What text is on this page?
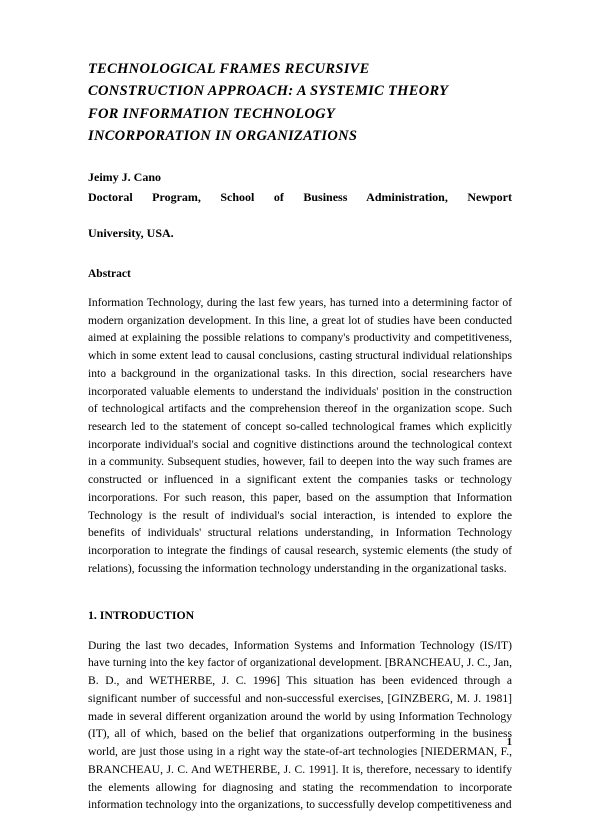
TECHNOLOGICAL FRAMES RECURSIVE
CONSTRUCTION APPROACH: A SYSTEMIC THEORY
FOR INFORMATION TECHNOLOGY
INCORPORATION IN ORGANIZATIONS
Jeimy J. Cano
Doctoral Program, School of Business Administration, Newport
University, USA.
Abstract

Information Technology, during the last few years, has turned into a determining factor of modern organization development. In this line, a great lot of studies have been conducted aimed at explaining the possible relations to company's productivity and competitiveness, which in some extent lead to causal conclusions, casting structural individual relationships into a background in the organizational tasks. In this direction, social researchers have incorporated valuable elements to understand the individuals' position in the construction of technological artifacts and the comprehension thereof in the organization scope. Such research led to the statement of concept so-called technological frames which explicitly incorporate individual's social and cognitive distinctions around the technological context in a community. Subsequent studies, however, fail to deepen into the way such frames are constructed or influenced in a significant extent the companies tasks or technology incorporations. For such reason, this paper, based on the assumption that Information Technology is the result of individual's social interaction, is intended to explore the benefits of individuals' structural relations understanding, in Information Technology incorporation to integrate the findings of causal research, systemic elements (the study of relations), focussing the information technology understanding in the organizational tasks.

1. INTRODUCTION

During the last two decades, Information Systems and Information Technology (IS/IT) have turning into the key factor of organizational development. [BRANCHEAU, J. C., Jan, B. D., and WETHERBE, J. C. 1996] This situation has been evidenced through a significant number of successful and non-successful exercises, [GINZBERG, M. J. 1981] made in several different organization around the world by using Information Technology (IT), all of which, based on the belief that organizations outperforming in the business world, are just those using in a right way the state-of-art technologies [NIEDERMAN, F., BRANCHEAU, J. C. And WETHERBE, J. C. 1991]. It is, therefore, necessary to identify the elements allowing for diagnosing and stating the recommendation to incorporate information technology into the organizations, to successfully develop competitiveness and

1
